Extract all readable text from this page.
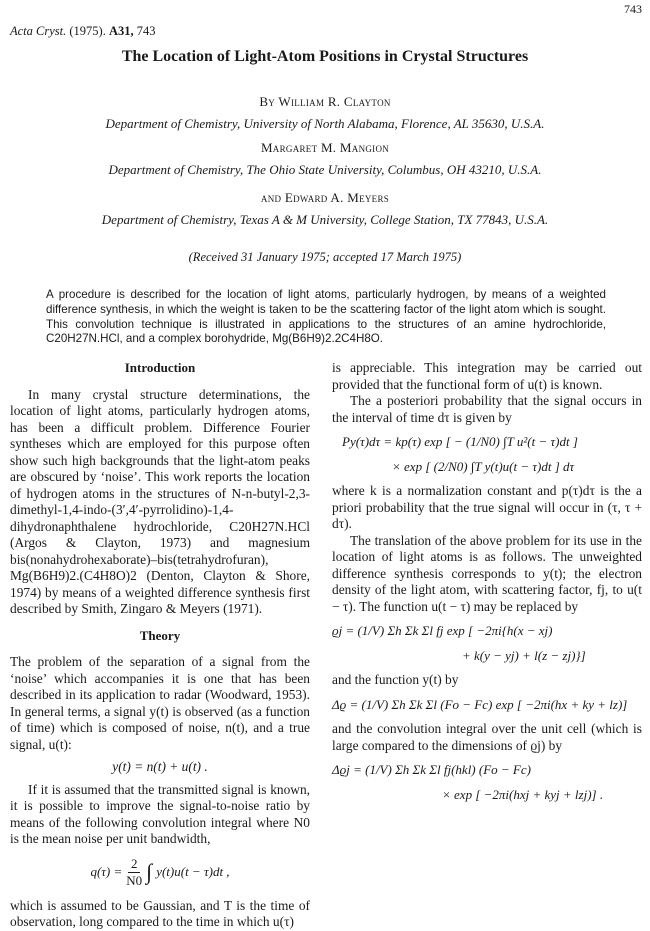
743
Acta Cryst. (1975). A31, 743
The Location of Light-Atom Positions in Crystal Structures
By William R. Clayton
Department of Chemistry, University of North Alabama, Florence, AL 35630, U.S.A.
Margaret M. Mangion
Department of Chemistry, The Ohio State University, Columbus, OH 43210, U.S.A.
and Edward A. Meyers
Department of Chemistry, Texas A & M University, College Station, TX 77843, U.S.A.
(Received 31 January 1975; accepted 17 March 1975)
A procedure is described for the location of light atoms, particularly hydrogen, by means of a weighted difference synthesis, in which the weight is taken to be the scattering factor of the light atom which is sought. This convolution technique is illustrated in applications to the structures of an amine hydrochloride, C20H27N.HCl, and a complex borohydride, Mg(B6H9)2.2C4H8O.
Introduction

In many crystal structure determinations, the location of light atoms, particularly hydrogen atoms, has been a difficult problem. Difference Fourier syntheses which are employed for this purpose often show such high backgrounds that the light-atom peaks are obscured by ‘noise’. This work reports the location of hydrogen atoms in the structures of N-n-butyl-2,3-dimethyl-1,4-indo-(3′,4′-pyrrolidino)-1,4-dihydronaphthalene hydrochloride, C20H27N.HCl (Argos & Clayton, 1973) and magnesium bis(nonahydrohexaborate)–bis(tetrahydrofuran), Mg(B6H9)2.(C4H8O)2 (Denton, Clayton & Shore, 1974) by means of a weighted difference synthesis first described by Smith, Zingaro & Meyers (1971).

Theory

The problem of the separation of a signal from the ‘noise’ which accompanies it is one that has been described in its application to radar (Woodward, 1953). In general terms, a signal y(t) is observed (as a function of time) which is composed of noise, n(t), and a true signal, u(t):

y(t) = n(t) + u(t) .

If it is assumed that the transmitted signal is known, it is possible to improve the signal-to-noise ratio by means of the following convolution integral where N0 is the mean noise per unit bandwidth,

$q(\tau) = \frac{2}{N0}$ ∫ y(t)u(t − τ)dt ,

which is assumed to be Gaussian, and T is the time of observation, long compared to the time in which u(τ)

is appreciable. This integration may be carried out provided that the functional form of u(t) is known.

The a posteriori probability that the signal occurs in the interval of time dτ is given by

Py(τ)dτ = kp(τ) exp [ − (1/N0) ∫T u²(t − τ)dt ]
× exp [ (2/N0) ∫T y(t)u(t − τ)dt ] dτ

where k is a normalization constant and p(τ)dτ is the a priori probability that the true signal will occur in (τ, τ + dτ).

The translation of the above problem for its use in the location of light atoms is as follows. The unweighted difference synthesis corresponds to y(t); the electron density of the light atom, with scattering factor, fj, to u(t − τ). The function u(t − τ) may be replaced by

ϱj = (1/V) Σh Σk Σl fj exp [ −2πi{h(x − xj)
+ k(y − yj) + l(z − zj)}]

and the function y(t) by

Δϱ = (1/V) Σh Σk Σl (Fo − Fc) exp [ −2πi(hx + ky + lz)]

and the convolution integral over the unit cell (which is large compared to the dimensions of ϱj) by

Δϱj = (1/V) Σh Σk Σl fj(hkl) (Fo − Fc)
× exp [ −2πi(hxj + kyj + lzj)] .
